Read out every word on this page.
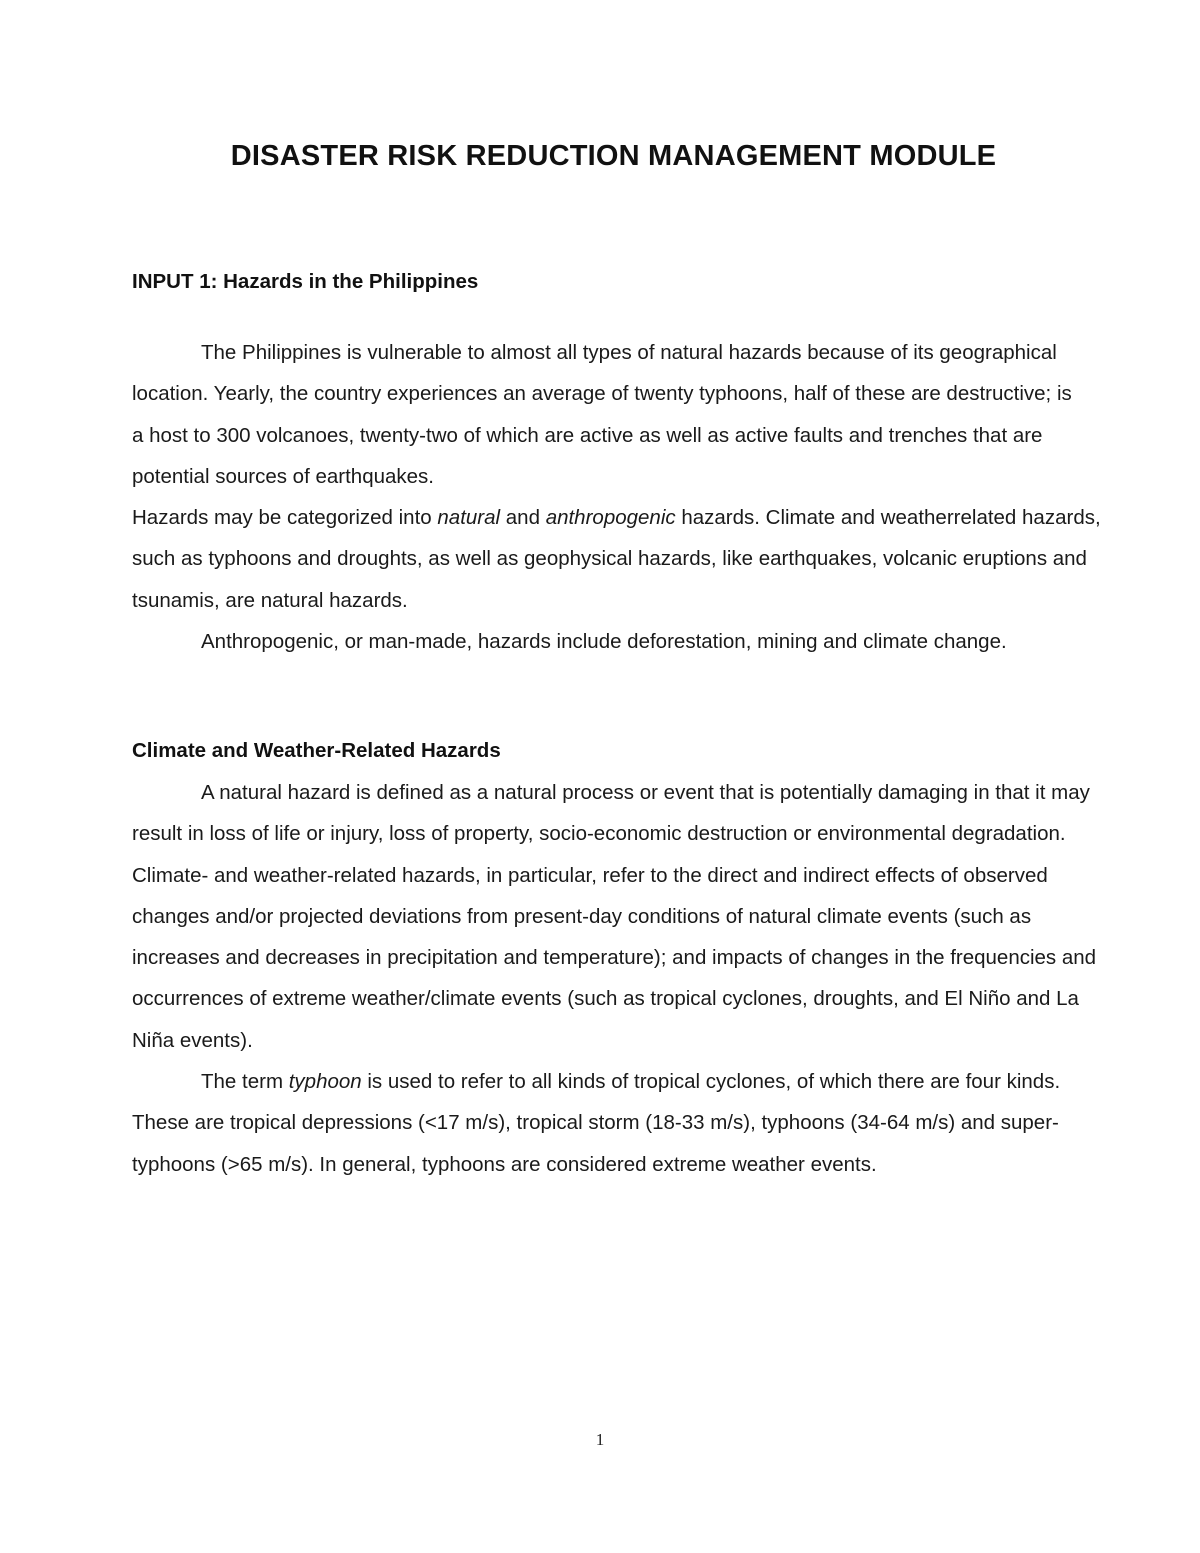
DISASTER RISK REDUCTION MANAGEMENT MODULE
INPUT 1: Hazards in the Philippines

The Philippines is vulnerable to almost all types of natural hazards because of its geographical location. Yearly, the country experiences an average of twenty typhoons, half of these are destructive; is a host to 300 volcanoes, twenty-two of which are active as well as active faults and trenches that are potential sources of earthquakes.

Hazards may be categorized into natural and anthropogenic hazards. Climate and weatherrelated hazards, such as typhoons and droughts, as well as geophysical hazards, like earthquakes, volcanic eruptions and tsunamis, are natural hazards.

Anthropogenic, or man-made, hazards include deforestation, mining and climate change.

Climate and Weather-Related Hazards

A natural hazard is defined as a natural process or event that is potentially damaging in that it may result in loss of life or injury, loss of property, socio-economic destruction or environmental degradation. Climate- and weather-related hazards, in particular, refer to the direct and indirect effects of observed changes and/or projected deviations from present-day conditions of natural climate events (such as increases and decreases in precipitation and temperature); and impacts of changes in the frequencies and occurrences of extreme weather/climate events (such as tropical cyclones, droughts, and El Niño and La Niña events).

The term typhoon is used to refer to all kinds of tropical cyclones, of which there are four kinds. These are tropical depressions (<17 m/s), tropical storm (18-33 m/s), typhoons (34-64 m/s) and super-typhoons (>65 m/s). In general, typhoons are considered extreme weather events.

1
